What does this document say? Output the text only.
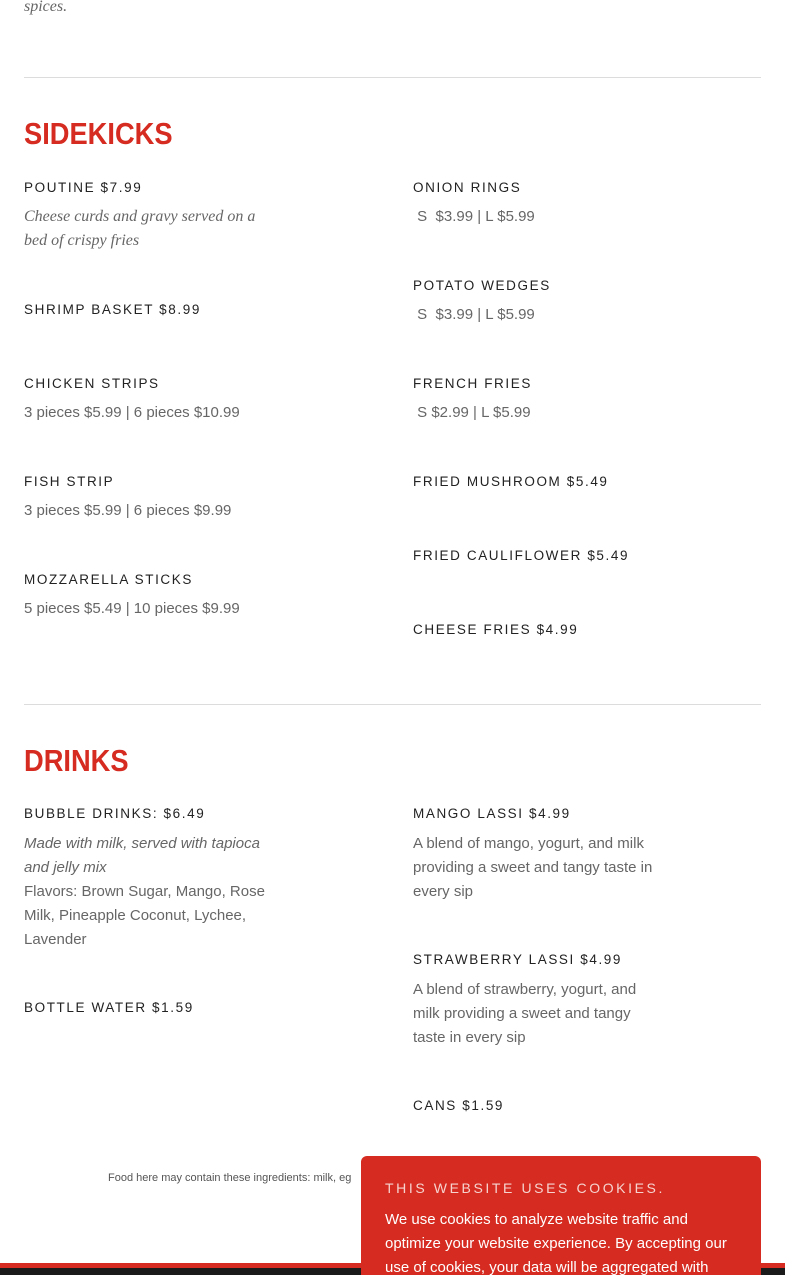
spices.
SIDEKICKS
POUTINE $7.99
Cheese curds and gravy served on a bed of crispy fries
SHRIMP BASKET $8.99
CHICKEN STRIPS
3 pieces $5.99 | 6 pieces $10.99
FISH STRIP
3 pieces $5.99 | 6 pieces $9.99
MOZZARELLA STICKS
5 pieces $5.49 | 10 pieces $9.99
ONION RINGS
S  $3.99 | L $5.99
POTATO WEDGES
S  $3.99 | L $5.99
FRENCH FRIES
S $2.99 | L $5.99
FRIED MUSHROOM $5.49
FRIED CAULIFLOWER $5.49
CHEESE FRIES $4.99
DRINKS
BUBBLE DRINKS: $6.49
Made with milk, served with tapioca and jelly mix
Flavors: Brown Sugar, Mango, Rose Milk, Pineapple Coconut, Lychee, Lavender
BOTTLE WATER $1.59
MANGO LASSI $4.99
A blend of mango, yogurt, and milk providing a sweet and tangy taste in every sip
STRAWBERRY LASSI $4.99
A blend of strawberry, yogurt, and milk providing a sweet and tangy taste in every sip
CANS $1.59
Food here may contain these ingredients: milk, eg
THIS WEBSITE USES COOKIES.
We use cookies to analyze website traffic and optimize your website experience. By accepting our use of cookies, your data will be aggregated with
